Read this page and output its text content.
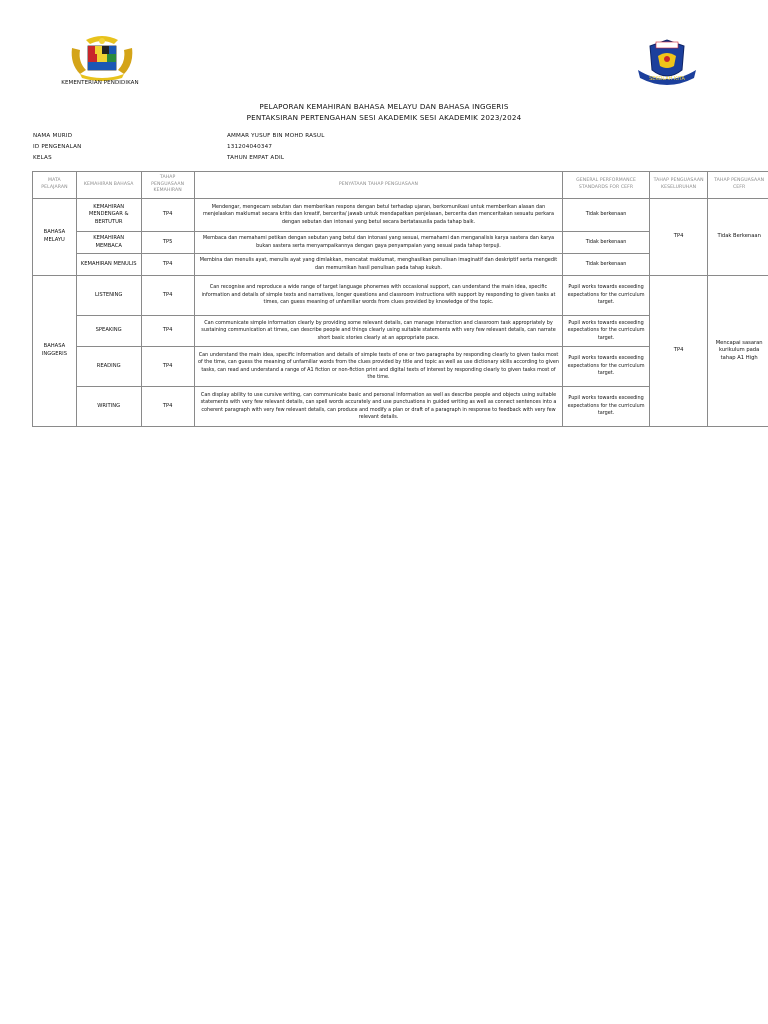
KEMENTERIAN PENDIDIKAN
SEKOLAH KITA
PELAPORAN KEMAHIRAN BAHASA MELAYU DAN BAHASA INGGERIS
PENTAKSIRAN PERTENGAHAN SESI AKADEMIK SESI AKADEMIK 2023/2024
NAMA MURID	AMMAR YUSUF BIN MOHD RASUL
ID PENGENALAN	131204040347
KELAS	TAHUN EMPAT ADIL
MATA PELAJARAN	KEMAHIRAN BAHASA	TAHAP PENGUASAAN KEMAHIRAN	PENYATAAN TAHAP PENGUASAAN	GENERAL PERFORMANCE STANDARDS FOR CEFR	TAHAP PENGUASAAN KESELURUHAN	TAHAP PENGUASAAN CEFR
BAHASA MELAYU	KEMAHIRAN MENDENGAR & BERTUTUR	TP4	Mendengar, mengecam sebutan dan memberikan respons dengan betul terhadap ujaran, berkomunikasi untuk memberikan alasan dan menjelaskan maklumat secara kritis dan kreatif, bercerita/ jawab untuk mendapatkan penjelasan, bercerita dan menceritakan sesuatu perkara dengan sebutan dan intonasi yang betul secara bertatasusila pada tahap baik.	Tidak berkenaan	TP4	Tidak Berkenaan
	KEMAHIRAN MEMBACA	TP5	Membaca dan memahami petikan dengan sebutan yang betul dan intonasi yang sesuai, memahami dan menganalisis karya sastera dan karya bukan sastera serta menyampaikannya dengan gaya penyampaian yang sesuai pada tahap terpuji.	Tidak berkenaan		
	KEMAHIRAN MENULIS	TP4	Membina dan menulis ayat, menulis ayat yang dimlakkan, mencatat maklumat, menghasilkan penulisan imaginatif dan deskriptif serta mengedit dan memurnikan hasil penulisan pada tahap kukuh.	Tidak berkenaan		
BAHASA INGGERIS	LISTENING	TP4	Can recognise and reproduce a wide range of target language phonemes with occasional support, can understand the main idea, specific information and details of simple texts and narratives, longer questions and classroom instructions with support by responding to given tasks at times, can guess meaning of unfamiliar words from clues provided by knowledge of the topic.	Pupil works towards exceeding expectations for the curriculum target.	TP4	Mencapai sasaran kurikulum pada tahap A1 High
	SPEAKING	TP4	Can communicate simple information clearly by providing some relevant details, can manage interaction and classroom task appropriately by sustaining communication at times, can describe people and things clearly using suitable statements with very few relevant details, can narrate short basic stories clearly at an appropriate pace.	Pupil works towards exceeding expectations for the curriculum target.		
	READING	TP4	Can understand the main idea, specific information and details of simple texts of one or two paragraphs by responding clearly to given tasks most of the time, can guess the meaning of unfamiliar words from the clues provided by title and topic as well as use dictionary skills according to given tasks, can read and understand a range of A1 fiction or non-fiction print and digital texts of interest by responding clearly to given tasks most of the time.	Pupil works towards exceeding expectations for the curriculum target.		
	WRITING	TP4	Can display ability to use cursive writing, can communicate basic and personal information as well as describe people and objects using suitable statements with very few relevant details, can spell words accurately and use punctuations in guided writing as well as connect sentences into a coherent paragraph with very few relevant details, can produce and modify a plan or draft of a paragraph in response to feedback with very few relevant details.	Pupil works towards exceeding expectations for the curriculum target.		
